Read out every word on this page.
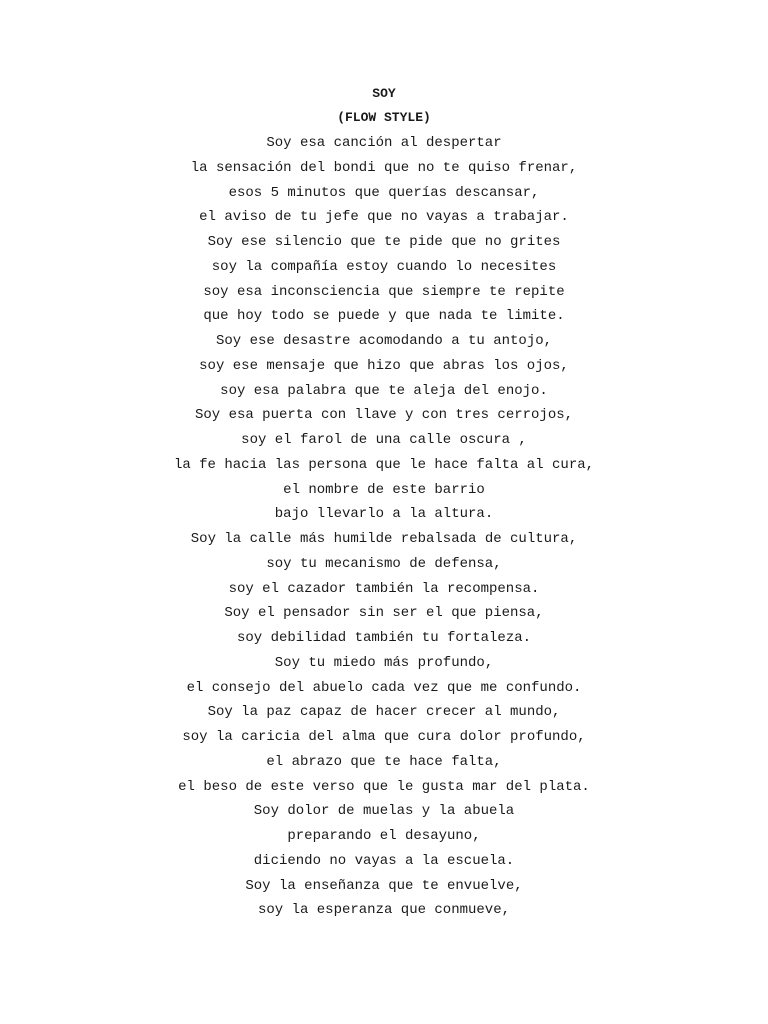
SOY
(FLOW STYLE)
Soy esa canción al despertar
la sensación del bondi que no te quiso frenar,
esos 5 minutos que querías descansar,
el aviso de tu jefe que no vayas a trabajar.
Soy ese silencio que te pide que no grites
soy la compañía estoy cuando lo necesites
soy esa inconsciencia que siempre te repite
que hoy todo se puede y que nada te limite.
Soy ese desastre acomodando a tu antojo,
soy ese mensaje que hizo que abras los ojos,
soy esa palabra que te aleja del enojo.
Soy esa puerta con llave y con tres cerrojos,
soy el farol de una calle oscura ,
la fe hacia las persona que le hace falta al cura,
el nombre de este barrio
bajo llevarlo a la altura.
Soy la calle más humilde rebalsada de cultura,
soy tu mecanismo de defensa,
soy el cazador también la recompensa.
Soy el pensador sin ser el que piensa,
soy debilidad también tu fortaleza.
Soy tu miedo más profundo,
el consejo del abuelo cada vez que me confundo.
Soy la paz capaz de hacer crecer al mundo,
soy la caricia del alma que cura dolor profundo,
el abrazo que te hace falta,
el beso de este verso que le gusta mar del plata.
Soy dolor de muelas y la abuela
preparando el desayuno,
diciendo no vayas a la escuela.
Soy la enseñanza que te envuelve,
soy la esperanza que conmueve,
